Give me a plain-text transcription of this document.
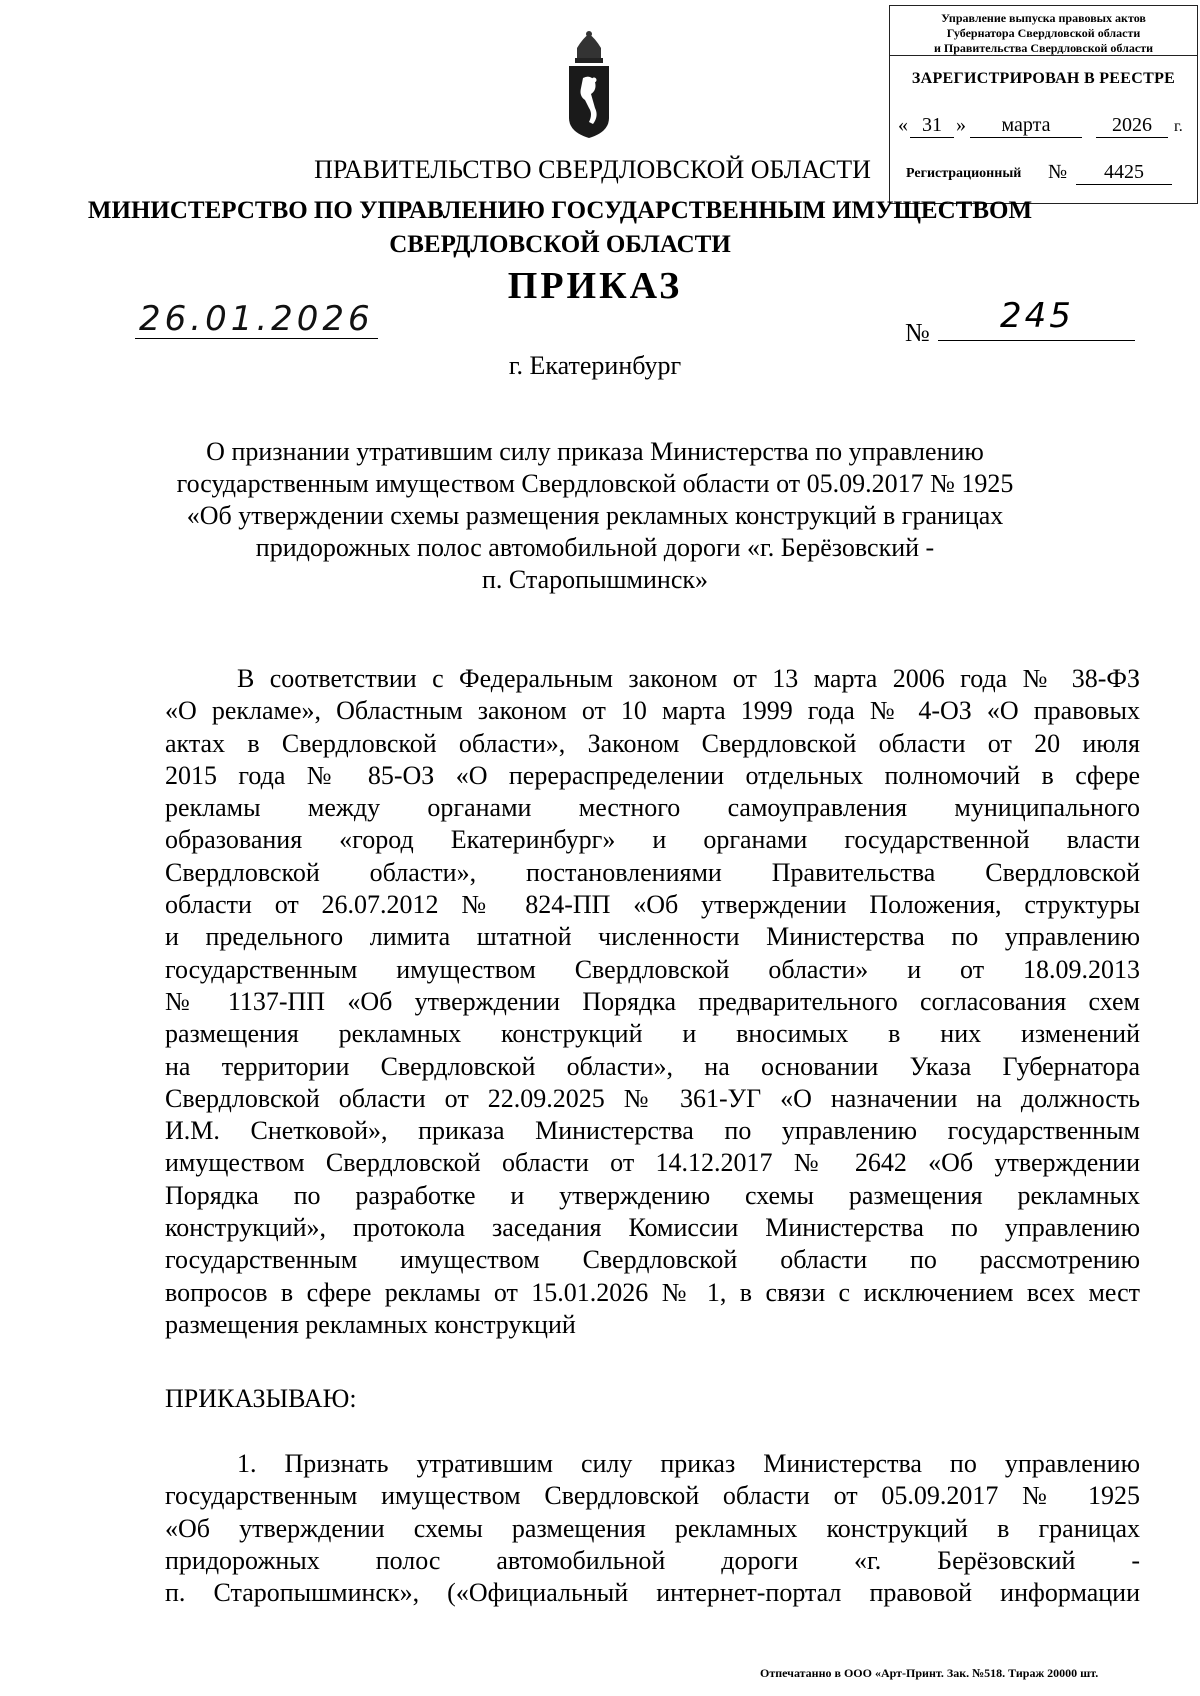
Управление выпуска правовых актов
Губернатора Свердловской области
и Правительства Свердловской области
ЗАРЕГИСТРИРОВАН В РЕЕСТРЕ
« 31 »	марта	2026	г.
Регистрационный №	4425
ПРАВИТЕЛЬСТВО СВЕРДЛОВСКОЙ ОБЛАСТИ
МИНИСТЕРСТВО ПО УПРАВЛЕНИЮ ГОСУДАРСТВЕННЫМ ИМУЩЕСТВОМ
СВЕРДЛОВСКОЙ ОБЛАСТИ
ПРИКАЗ
26.01.2026	№ 245
г. Екатеринбург
О признании утратившим силу приказа Министерства по управлению
государственным имуществом Свердловской области от 05.09.2017 № 1925
«Об утверждении схемы размещения рекламных конструкций в границах
придорожных полос автомобильной дороги «г. Берёзовский -
п. Старопышминск»
В соответствии с Федеральным законом от 13 марта 2006 года № 38-ФЗ
«О рекламе», Областным законом от 10 марта 1999 года № 4-ОЗ «О правовых
актах в Свердловской области», Законом Свердловской области от 20 июля
2015 года № 85-ОЗ «О перераспределении отдельных полномочий в сфере
рекламы между органами местного самоуправления муниципального
образования «город Екатеринбург» и органами государственной власти
Свердловской области», постановлениями Правительства Свердловской
области от 26.07.2012 № 824-ПП «Об утверждении Положения, структуры
и предельного лимита штатной численности Министерства по управлению
государственным имуществом Свердловской области» и от 18.09.2013
№ 1137-ПП «Об утверждении Порядка предварительного согласования схем
размещения рекламных конструкций и вносимых в них изменений
на территории Свердловской области», на основании Указа Губернатора
Свердловской области от 22.09.2025 № 361-УГ «О назначении на должность
И.М. Снетковой», приказа Министерства по управлению государственным
имуществом Свердловской области от 14.12.2017 № 2642 «Об утверждении
Порядка по разработке и утверждению схемы размещения рекламных
конструкций», протокола заседания Комиссии Министерства по управлению
государственным имуществом Свердловской области по рассмотрению
вопросов в сфере рекламы от 15.01.2026 № 1, в связи с исключением всех мест
размещения рекламных конструкций
ПРИКАЗЫВАЮ:
1. Признать утратившим силу приказ Министерства по управлению
государственным имуществом Свердловской области от 05.09.2017 № 1925
«Об утверждении схемы размещения рекламных конструкций в границах
придорожных полос автомобильной дороги «г. Берёзовский -
п. Старопышминск», («Официальный интернет-портал правовой информации
Отпечатанно в ООО «Арт-Принт. Зак. №518. Тираж 20000 шт.
